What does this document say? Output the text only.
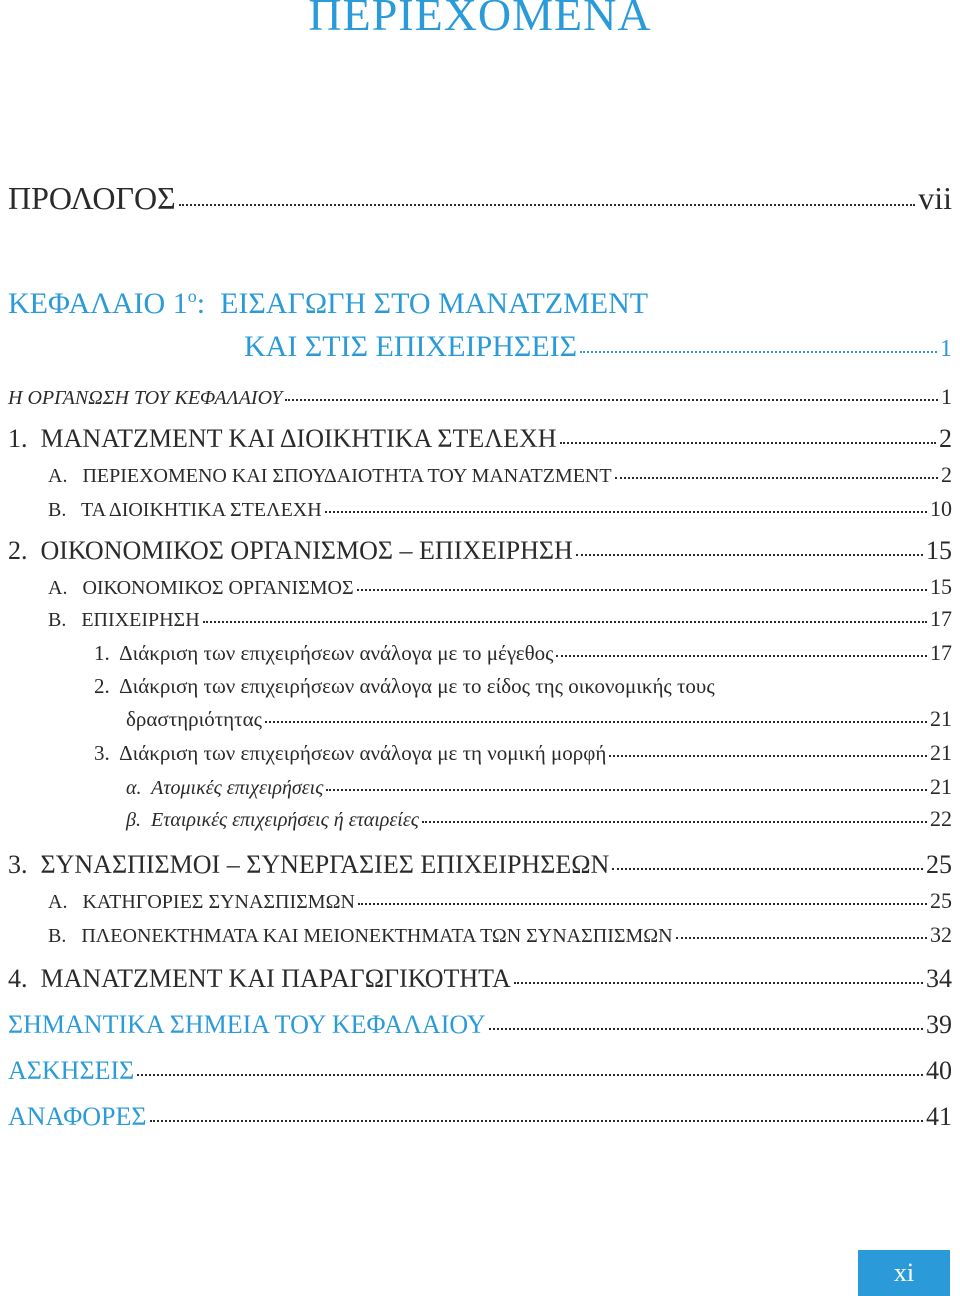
ΠΕΡΙΕΧΟΜΕΝΑ
ΠΡΟΛΟΓΟΣ	vii
ΚΕΦΑΛΑΙΟ $1^o$:  ΕΙΣΑΓΩΓΗ ΣΤΟ ΜΑΝΑΤΖΜΕΝΤ
ΚΑΙ ΣΤΙΣ ΕΠΙΧΕΙΡΗΣΕΙΣ	1
Η ΟΡΓΑΝΩΣΗ ΤΟΥ ΚΕΦΑΛΑΙΟΥ	1
1.  ΜΑΝΑΤΖΜΕΝΤ ΚΑΙ ΔΙΟΙΚΗΤΙΚΑ ΣΤΕΛΕΧΗ	2
Α.   ΠΕΡΙΕΧΟΜΕΝΟ ΚΑΙ ΣΠΟΥΔΑΙΟΤΗΤΑ ΤΟΥ ΜΑΝΑΤΖΜΕΝΤ	2
Β.   ΤΑ ΔΙΟΙΚΗΤΙΚΑ ΣΤΕΛΕΧΗ	10
2.  ΟΙΚΟΝΟΜΙΚΟΣ ΟΡΓΑΝΙΣΜΟΣ – ΕΠΙΧΕΙΡΗΣΗ	15
Α.   ΟΙΚΟΝΟΜΙΚΟΣ ΟΡΓΑΝΙΣΜΟΣ	15
Β.   ΕΠΙΧΕΙΡΗΣΗ	17
1.  Διάκριση των επιχειρήσεων ανάλογα με το μέγεθος	17
2.  Διάκριση των επιχειρήσεων ανάλογα με το είδος της οικονομικής τους
δραστηριότητας	21
3.  Διάκριση των επιχειρήσεων ανάλογα με τη νομική μορφή	21
α.  Ατομικές επιχειρήσεις	21
β.  Εταιρικές επιχειρήσεις ή εταιρείες	22
3.  ΣΥΝΑΣΠΙΣΜΟΙ – ΣΥΝΕΡΓΑΣΙΕΣ ΕΠΙΧΕΙΡΗΣΕΩΝ	25
Α.   ΚΑΤΗΓΟΡΙΕΣ ΣΥΝΑΣΠΙΣΜΩΝ	25
Β.   ΠΛΕΟΝΕΚΤΗΜΑΤΑ ΚΑΙ ΜΕΙΟΝΕΚΤΗΜΑΤΑ ΤΩΝ ΣΥΝΑΣΠΙΣΜΩΝ	32
4.  ΜΑΝΑΤΖΜΕΝΤ ΚΑΙ ΠΑΡΑΓΩΓΙΚΟΤΗΤΑ	34
ΣΗΜΑΝΤΙΚΑ ΣΗΜΕΙΑ ΤΟΥ ΚΕΦΑΛΑΙΟΥ	39
ΑΣΚΗΣΕΙΣ	40
ΑΝΑΦΟΡΕΣ	41
xi
